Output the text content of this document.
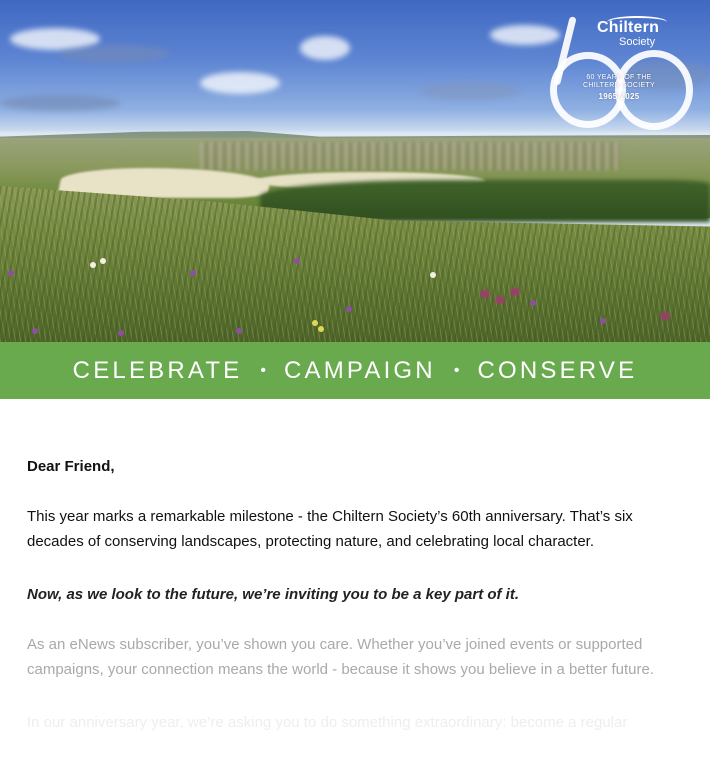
Chiltern
Society
60 YEARS OF THE
CHILTERN SOCIETY
1965-2025
CELEBRATE • CAMPAIGN • CONSERVE

Dear Friend,

This year marks a remarkable milestone - the Chiltern Society’s 60th anniversary. That’s six decades of conserving landscapes, protecting nature, and celebrating local character.

Now, as we look to the future, we’re inviting you to be a key part of it.

As an eNews subscriber, you’ve shown you care. Whether you’ve joined events or supported campaigns, your connection means the world - because it shows you believe in a better future.

In our anniversary year, we’re asking you to do something extraordinary: become a regular
